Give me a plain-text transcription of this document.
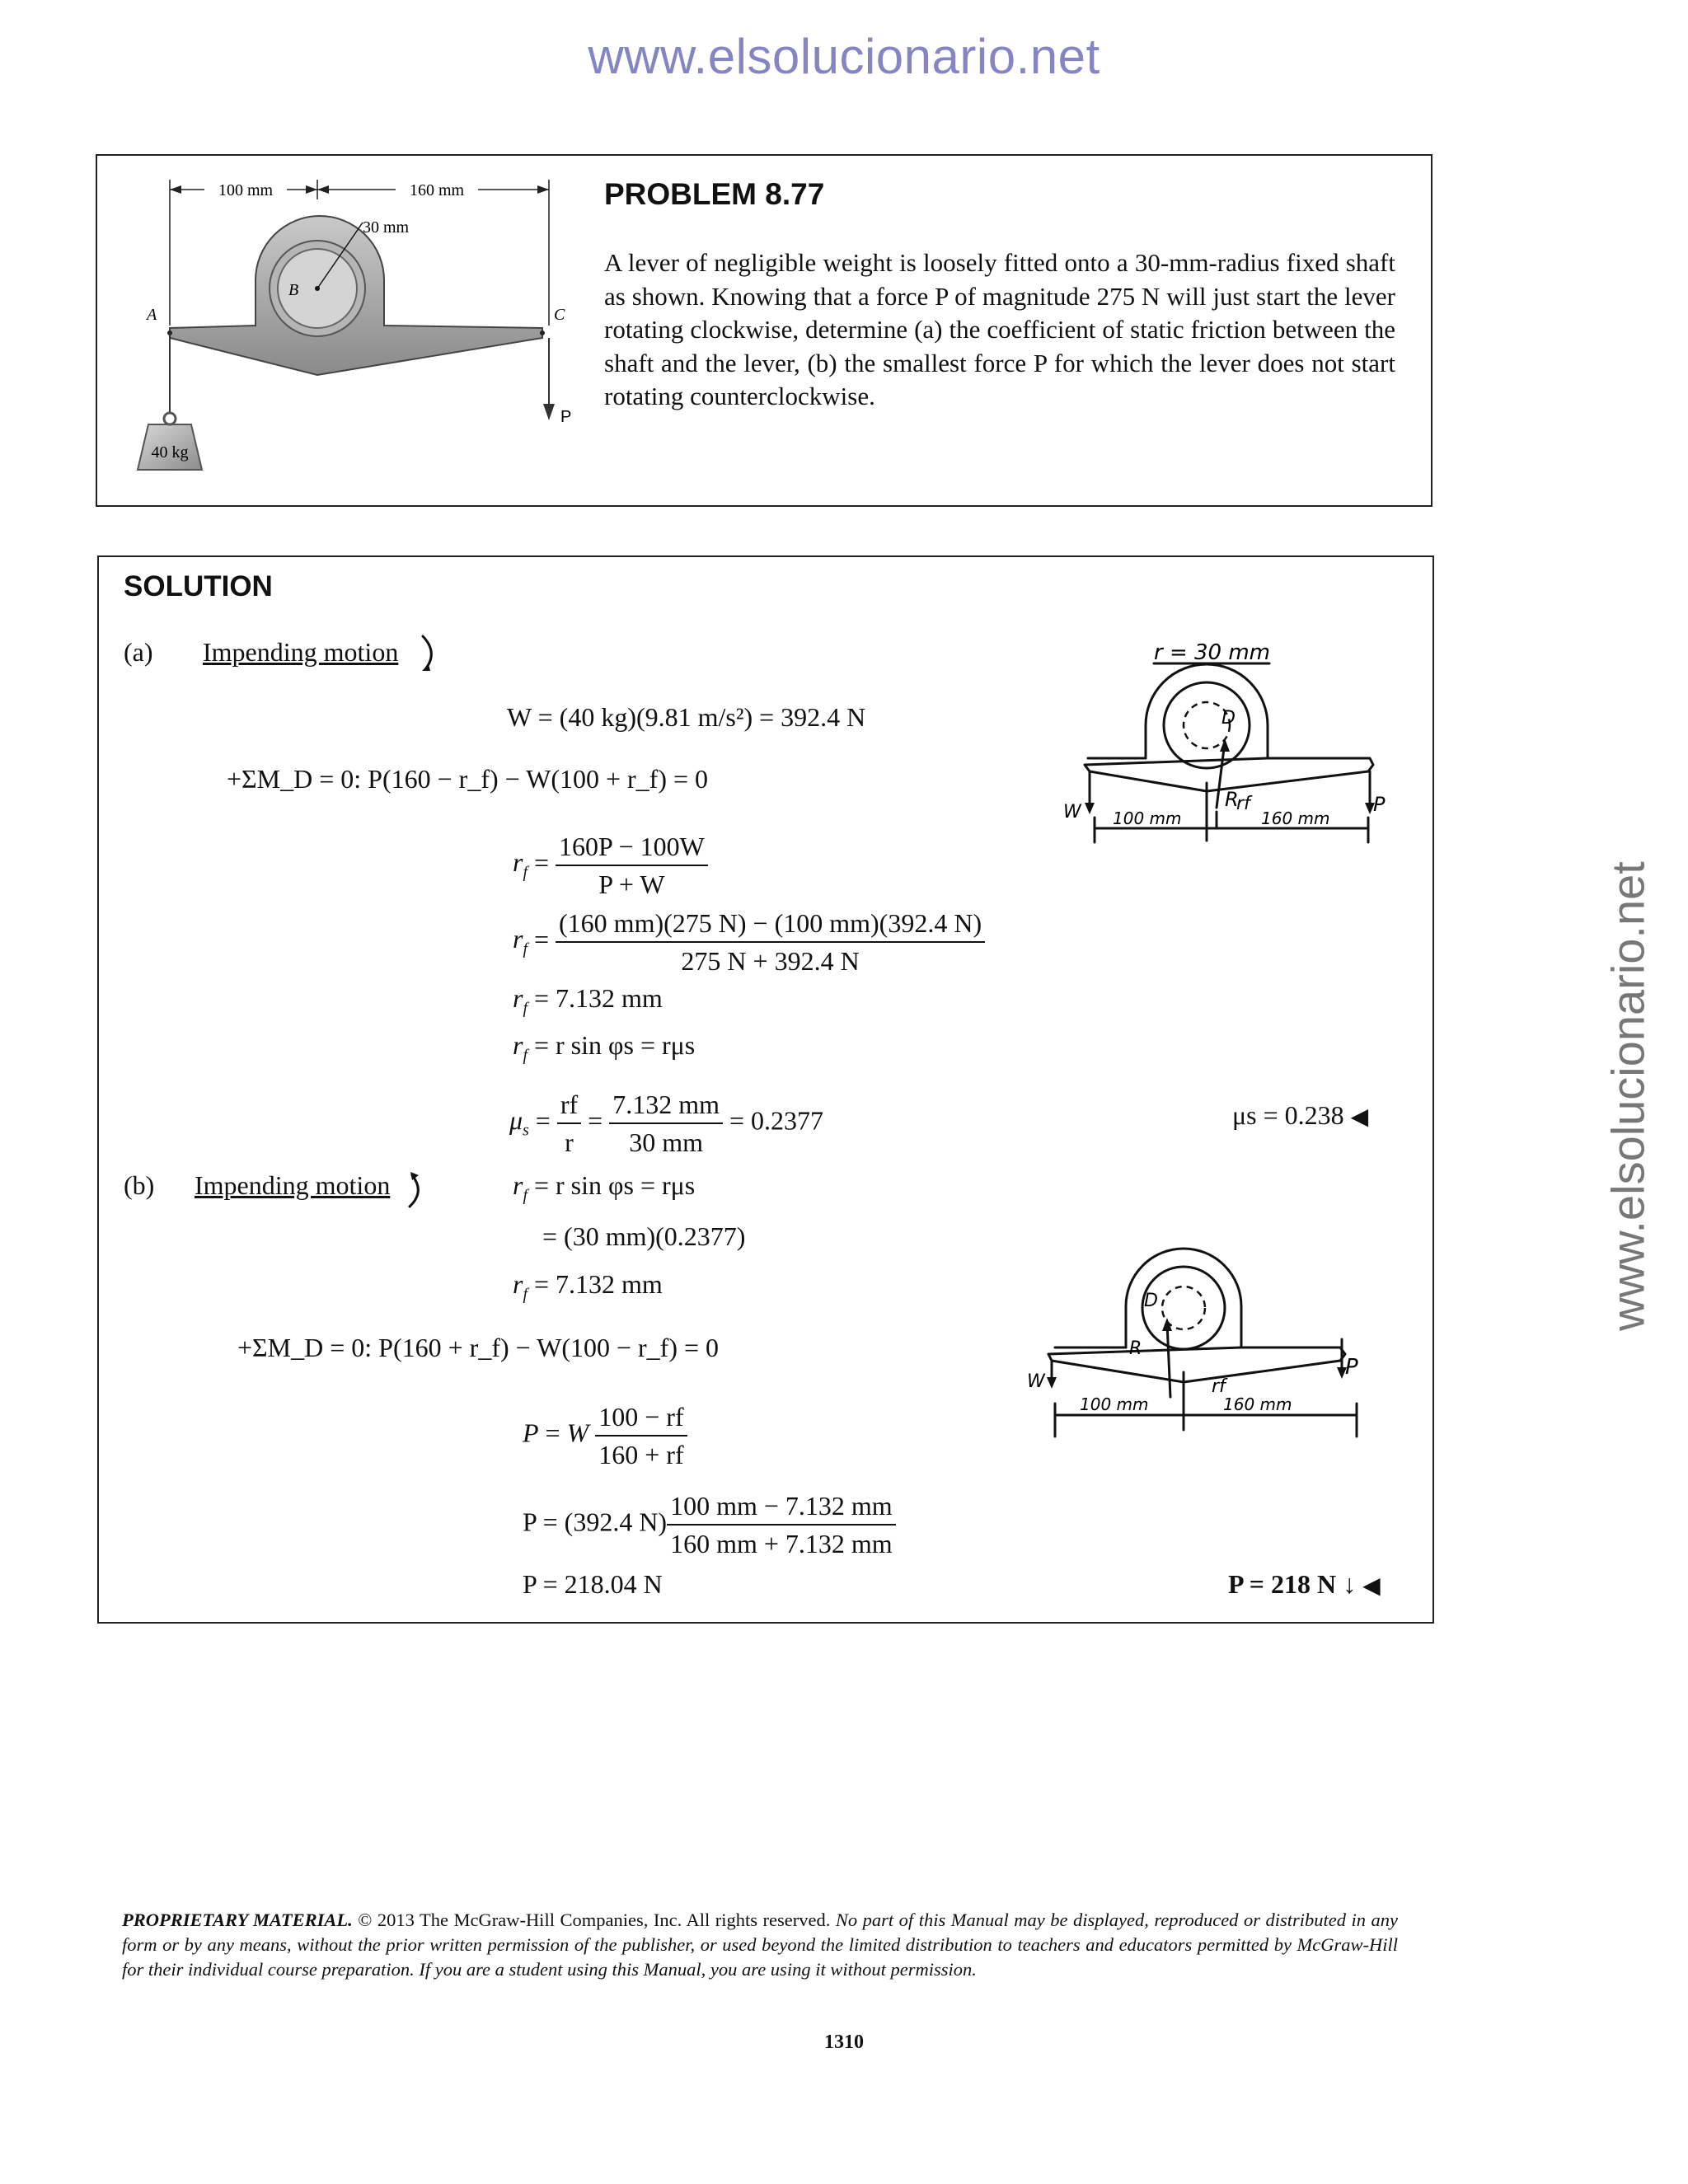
www.elsolucionario.net
www.elsolucionario.net
100 mm	160 mm
30 mm
B
A	C
40 kg
P
PROBLEM 8.77
A lever of negligible weight is loosely fitted onto a 30-mm-radius fixed shaft as shown. Knowing that a force P of magnitude 275 N will just start the lever rotating clockwise, determine (a) the coefficient of static friction between the shaft and the lever, (b) the smallest force P for which the lever does not start rotating counterclockwise.
SOLUTION
(a) Impending motion
W = (40 kg)(9.81 m/s²) = 392.4 N
+ΣM_D = 0: P(160 − r_f) − W(100 + r_f) = 0
$r_f = \frac{160P - 100W}{P + W}$
$r_f = \frac{(160 mm)(275 N) - (100 mm)(392.4 N)}{275 N + 392.4 N}$
$r_f = 7.132$ mm
$r_f = r$ sin φs = rμs
$\mu_s = \frac{rf}{r} = \frac{7.132 mm}{30 mm} = 0.2377$	μs = 0.238 ◀
r = 30 mm
D
R
W	P
rf
100 mm	160 mm
(b) Impending motion	$r_f = r$ sin φs = rμs
= (30 mm)(0.2377)
$r_f = 7.132$ mm
+ΣM_D = 0: P(160 + r_f) − W(100 − r_f) = 0
P = W $\frac{100 - rf}{160 + rf}$
P = (392.4 $N) \frac{100 mm - 7.132 mm}{160 mm + 7.132 mm}$
P = 218.04 N	P = 218 N ↓ ◀
D
R
W
P
rf
100 mm	160 mm
PROPRIETARY MATERIAL. © 2013 The McGraw-Hill Companies, Inc. All rights reserved. No part of this Manual may be displayed, reproduced or distributed in any form or by any means, without the prior written permission of the publisher, or used beyond the limited distribution to teachers and educators permitted by McGraw-Hill for their individual course preparation. If you are a student using this Manual, you are using it without permission.
1310
